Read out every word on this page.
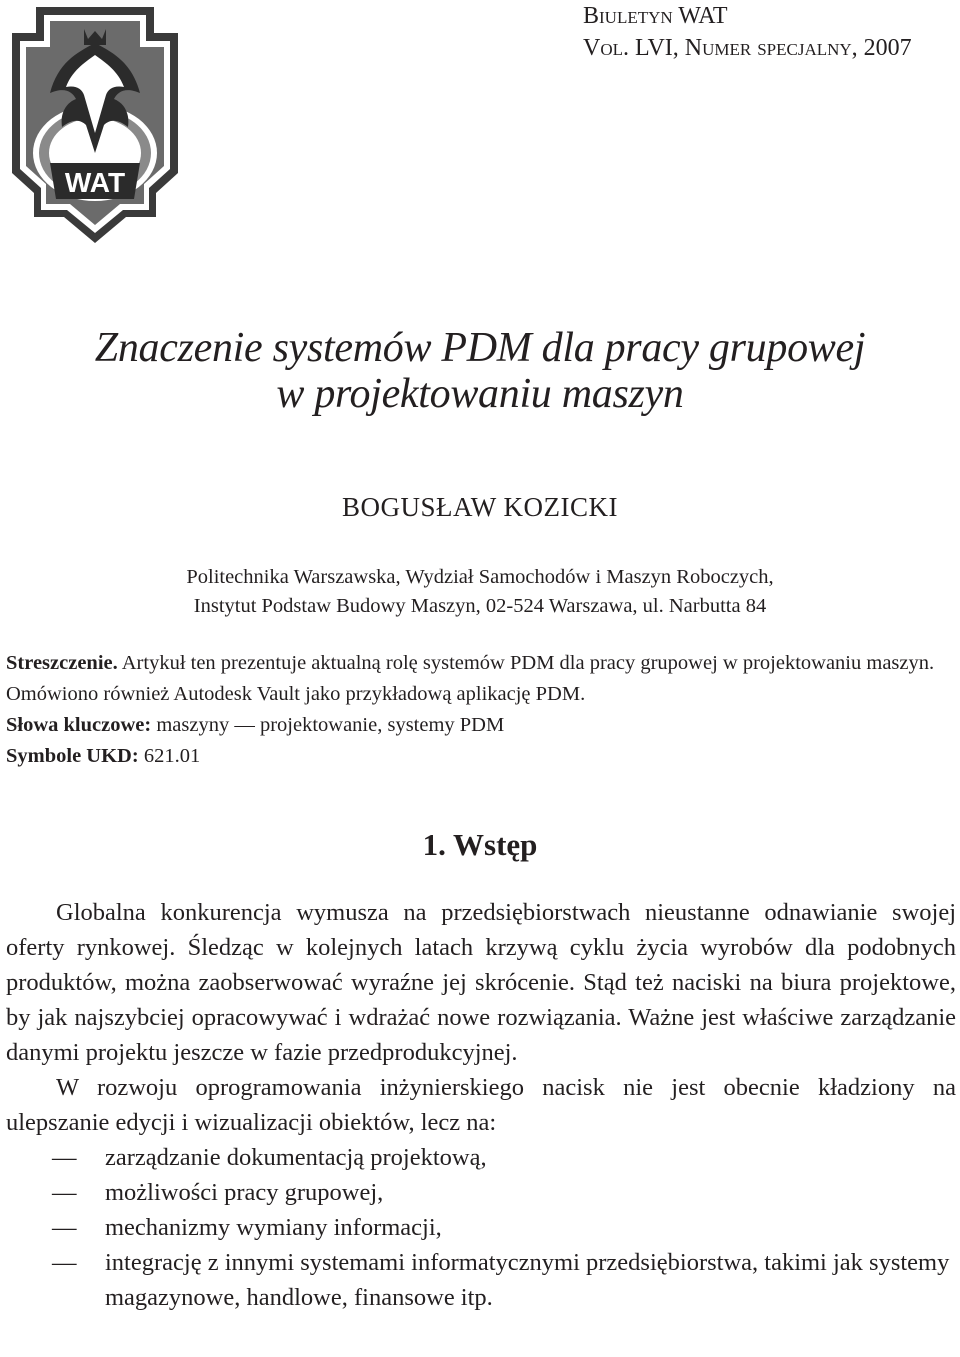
WAT
Biuletyn WAT
Vol. LVI, Numer specjalny, 2007
Znaczenie systemów PDM dla pracy grupowej
w projektowaniu maszyn
BOGUSŁAW KOZICKI
Politechnika Warszawska, Wydział Samochodów i Maszyn Roboczych,
Instytut Podstaw Budowy Maszyn, 02-524 Warszawa, ul. Narbutta 84

Streszczenie. Artykuł ten prezentuje aktualną rolę systemów PDM dla pracy grupowej w projektowaniu maszyn. Omówiono również Autodesk Vault jako przykładową aplikację PDM.

Słowa kluczowe: maszyny — projektowanie, systemy PDM

Symbole UKD: 621.01

1. Wstęp

Globalna konkurencja wymusza na przedsiębiorstwach nieustanne odnawianie swojej oferty rynkowej. Śledząc w kolejnych latach krzywą cyklu życia wyrobów dla podobnych produktów, można zaobserwować wyraźne jej skrócenie. Stąd też naciski na biura projektowe, by jak najszybciej opracowywać i wdrażać nowe rozwiązania. Ważne jest właściwe zarządzanie danymi projektu jeszcze w fazie przedprodukcyjnej.

W rozwoju oprogramowania inżynierskiego nacisk nie jest obecnie kładziony na ulepszanie edycji i wizualizacji obiektów, lecz na:

— zarządzanie dokumentacją projektową,
— możliwości pracy grupowej,
— mechanizmy wymiany informacji,
— integrację z innymi systemami informatycznymi przedsiębiorstwa, takimi jak systemy magazynowe, handlowe, finansowe itp.
